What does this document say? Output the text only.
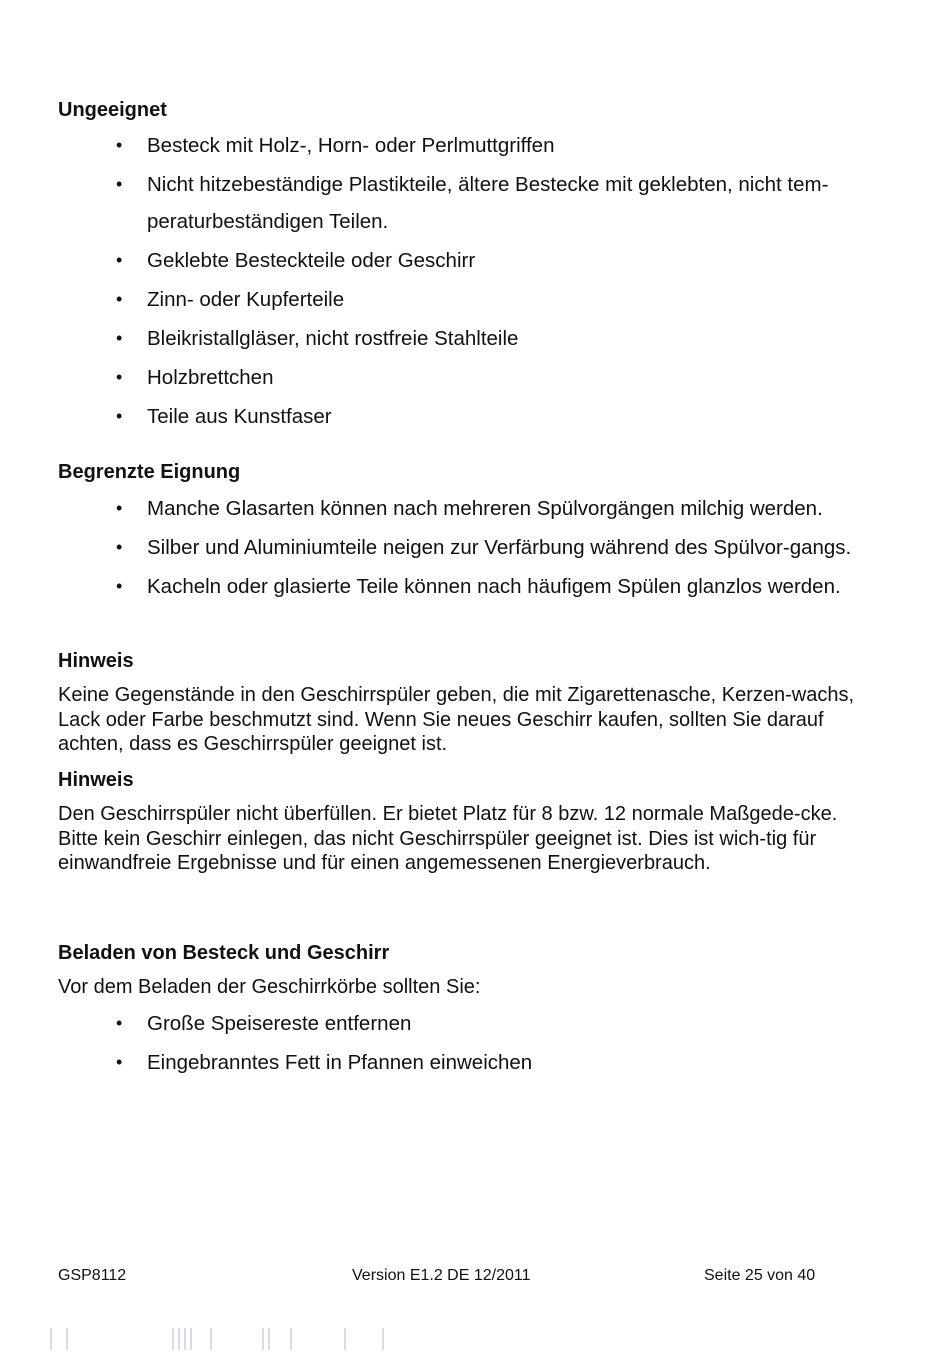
Ungeeignet
• Besteck mit Holz-, Horn- oder Perlmuttgriffen
• Nicht hitzebeständige Plastikteile, ältere Bestecke mit geklebten, nicht tem-peraturbeständigen Teilen.
• Geklebte Besteckteile oder Geschirr
• Zinn- oder Kupferteile
• Bleikristallgläser, nicht rostfreie Stahlteile
• Holzbrettchen
• Teile aus Kunstfaser
Begrenzte Eignung
• Manche Glasarten können nach mehreren Spülvorgängen milchig werden.
• Silber und Aluminiumteile neigen zur Verfärbung während des Spülvor-gangs.
• Kacheln oder glasierte Teile können nach häufigem Spülen glanzlos werden.
Hinweis

Keine Gegenstände in den Geschirrspüler geben, die mit Zigarettenasche, Kerzen-wachs, Lack oder Farbe beschmutzt sind. Wenn Sie neues Geschirr kaufen, sollten Sie darauf achten, dass es Geschirrspüler geeignet ist.

Hinweis

Den Geschirrspüler nicht überfüllen. Er bietet Platz für 8 bzw. 12 normale Maßgede-cke. Bitte kein Geschirr einlegen, das nicht Geschirrspüler geeignet ist. Dies ist wich-tig für einwandfreie Ergebnisse und für einen angemessenen Energieverbrauch.

Beladen von Besteck und Geschirr

Vor dem Beladen der Geschirrkörbe sollten Sie:

• Große Speisereste entfernen
• Eingebranntes Fett in Pfannen einweichen
GSP8112	Version E1.2 DE 12/2011	Seite 25 von 40
